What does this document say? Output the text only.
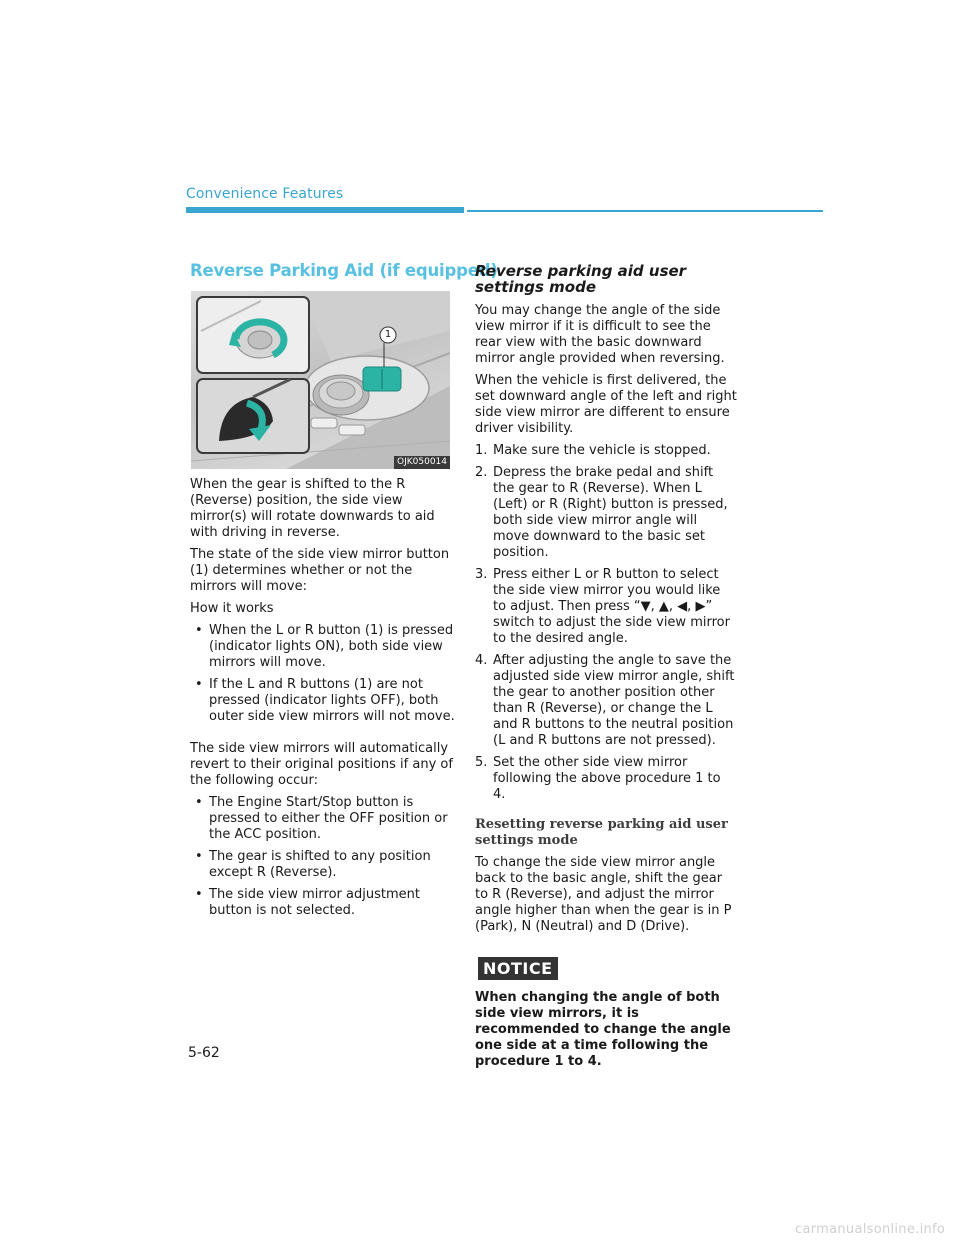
Convenience Features
Reverse Parking Aid (if equipped)
1
OJK050014

When the gear is shifted to the R (Reverse) position, the side view mirror(s) will rotate downwards to aid with driving in reverse.

The state of the side view mirror button (1) determines whether or not the mirrors will move:

How it works

• When the L or R button (1) is pressed (indicator lights ON), both side view mirrors will move.
• If the L and R buttons (1) are not pressed (indicator lights OFF), both outer side view mirrors will not move.

The side view mirrors will automatically revert to their original positions if any of the following occur:

• The Engine Start/Stop button is pressed to either the OFF position or the ACC position.
• The gear is shifted to any position except R (Reverse).
• The side view mirror adjustment button is not selected.
Reverse parking aid user settings mode

You may change the angle of the side view mirror if it is difficult to see the rear view with the basic downward mirror angle provided when reversing.

When the vehicle is first delivered, the set downward angle of the left and right side view mirror are different to ensure driver visibility.

1. Make sure the vehicle is stopped.
2. Depress the brake pedal and shift the gear to R (Reverse). When L (Left) or R (Right) button is pressed, both side view mirror angle will move downward to the basic set position.
3. Press either L or R button to select the side view mirror you would like to adjust. Then press “▼, ▲, ◀, ▶” switch to adjust the side view mirror to the desired angle.
4. After adjusting the angle to save the adjusted side view mirror angle, shift the gear to another position other than R (Reverse), or change the L and R buttons to the neutral position (L and R buttons are not pressed).
5. Set the other side view mirror following the above procedure 1 to 4.
Resetting reverse parking aid user settings mode

To change the side view mirror angle back to the basic angle, shift the gear to R (Reverse), and adjust the mirror angle higher than when the gear is in P (Park), N (Neutral) and D (Drive).

NOTICE
When changing the angle of both side view mirrors, it is recommended to change the angle one side at a time following the procedure 1 to 4.
5-62
carmanualsonline.info
